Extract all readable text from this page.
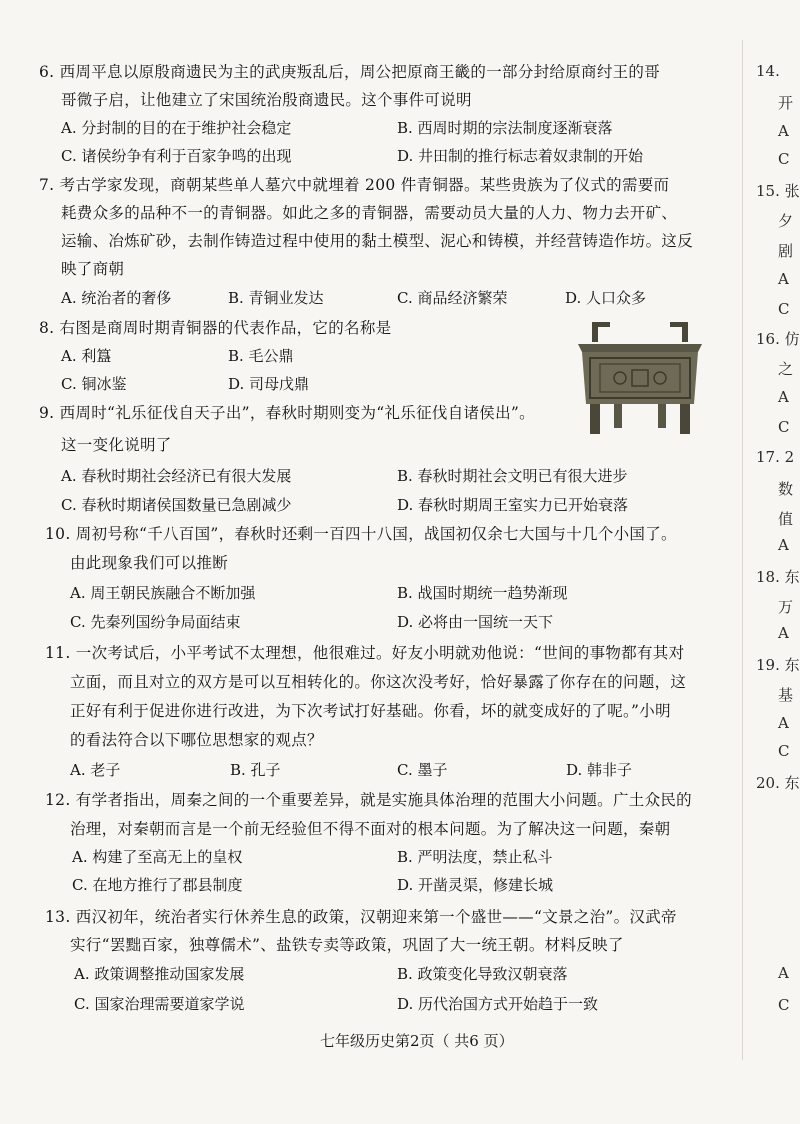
6. 西周平息以原殷商遗民为主的武庚叛乱后，周公把原商王畿的一部分封给原商纣王的哥
哥微子启，让他建立了宋国统治殷商遗民。这个事件可说明
A. 分封制的目的在于维护社会稳定	B. 西周时期的宗法制度逐渐衰落
C. 诸侯纷争有利于百家争鸣的出现	D. 井田制的推行标志着奴隶制的开始
7. 考古学家发现，商朝某些单人墓穴中就埋着 200 件青铜器。某些贵族为了仪式的需要而
耗费众多的品种不一的青铜器。如此之多的青铜器，需要动员大量的人力、物力去开矿、
运输、冶炼矿砂，去制作铸造过程中使用的黏土模型、泥心和铸模，并经营铸造作坊。这反
映了商朝
A. 统治者的奢侈	B. 青铜业发达	C. 商品经济繁荣	D. 人口众多
8. 右图是商周时期青铜器的代表作品，它的名称是
A. 利簋	B. 毛公鼎
C. 铜冰鉴	D. 司母戊鼎
9. 西周时“礼乐征伐自天子出”，春秋时期则变为“礼乐征伐自诸侯出”。
这一变化说明了
A. 春秋时期社会经济已有很大发展	B. 春秋时期社会文明已有很大进步
C. 春秋时期诸侯国数量已急剧减少	D. 春秋时期周王室实力已开始衰落
10. 周初号称“千八百国”，春秋时还剩一百四十八国，战国初仅余七大国与十几个小国了。
由此现象我们可以推断
A. 周王朝民族融合不断加强	B. 战国时期统一趋势渐现
C. 先秦列国纷争局面结束	D. 必将由一国统一天下
11. 一次考试后，小平考试不太理想，他很难过。好友小明就劝他说：“世间的事物都有其对
立面，而且对立的双方是可以互相转化的。你这次没考好，恰好暴露了你存在的问题，这
正好有利于促进你进行改进，为下次考试打好基础。你看，坏的就变成好的了呢。”小明
的看法符合以下哪位思想家的观点？
A. 老子	B. 孔子	C. 墨子	D. 韩非子
12. 有学者指出，周秦之间的一个重要差异，就是实施具体治理的范围大小问题。广土众民的
治理，对秦朝而言是一个前无经验但不得不面对的根本问题。为了解决这一问题，秦朝
A. 构建了至高无上的皇权	B. 严明法度，禁止私斗
C. 在地方推行了郡县制度	D. 开凿灵渠，修建长城
13. 西汉初年，统治者实行休养生息的政策，汉朝迎来第一个盛世——“文景之治”。汉武帝
实行“罢黜百家，独尊儒术”、盐铁专卖等政策，巩固了大一统王朝。材料反映了
A. 政策调整推动国家发展	B. 政策变化导致汉朝衰落
C. 国家治理需要道家学说	D. 历代治国方式开始趋于一致
七年级历史第2页（ 共6 页）
14.
开
A
C
15. 张
夕
剧
A
C
16. 仿
之
A
C
17. 2
数
值
A
18. 东
万
A
19. 东
基
A
C
20. 东
A
C
